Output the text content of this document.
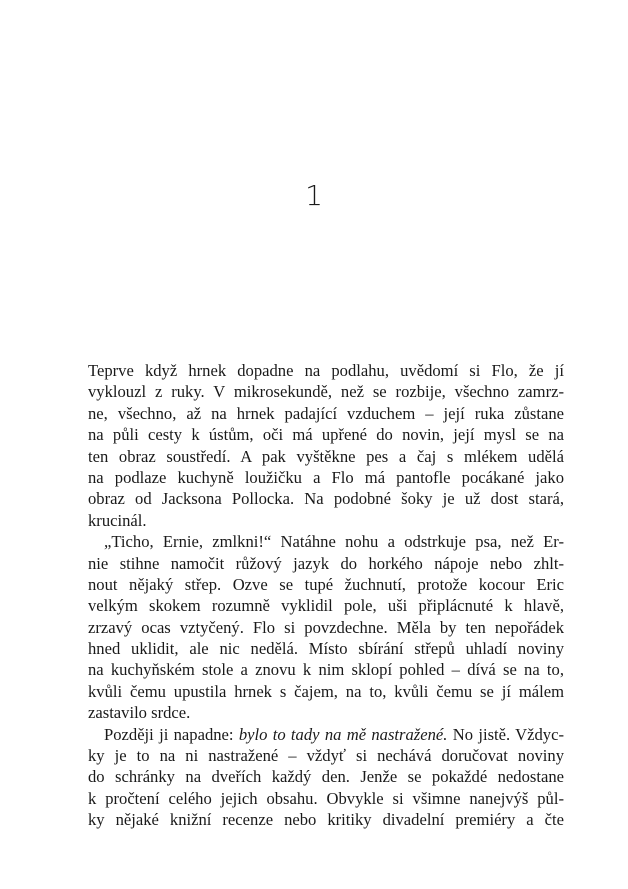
1
Teprve když hrnek dopadne na podlahu, uvědomí si Flo, že jí
vyklouzl z ruky. V mikrosekundě, než se rozbije, všechno zamrz-
ne, všechno, až na hrnek padající vzduchem – její ruka zůstane
na půli cesty k ústům, oči má upřené do novin, její mysl se na
ten obraz soustředí. A pak vyštěkne pes a čaj s mlékem udělá
na podlaze kuchyně loužičku a Flo má pantofle pocákané jako
obraz od Jacksona Pollocka. Na podobné šoky je už dost stará,
krucinál.
„Ticho, Ernie, zmlkni!“ Natáhne nohu a odstrkuje psa, než Er-
nie stihne namočit růžový jazyk do horkého nápoje nebo zhlt-
nout nějaký střep. Ozve se tupé žuchnutí, protože kocour Eric
velkým skokem rozumně vyklidil pole, uši připlácnuté k hlavě,
zrzavý ocas vztyčený. Flo si povzdechne. Měla by ten nepořádek
hned uklidit, ale nic nedělá. Místo sbírání střepů uhladí noviny
na kuchyňském stole a znovu k nim sklopí pohled – dívá se na to,
kvůli čemu upustila hrnek s čajem, na to, kvůli čemu se jí málem
zastavilo srdce.
Později ji napadne: bylo to tady na mě nastražené. No jistě. Vždyc-
ky je to na ni nastražené – vždyť si nechává doručovat noviny
do schránky na dveřích každý den. Jenže se pokaždé nedostane
k pročtení celého jejich obsahu. Obvykle si všimne nanejvýš půl-
ky nějaké knižní recenze nebo kritiky divadelní premiéry a čte
